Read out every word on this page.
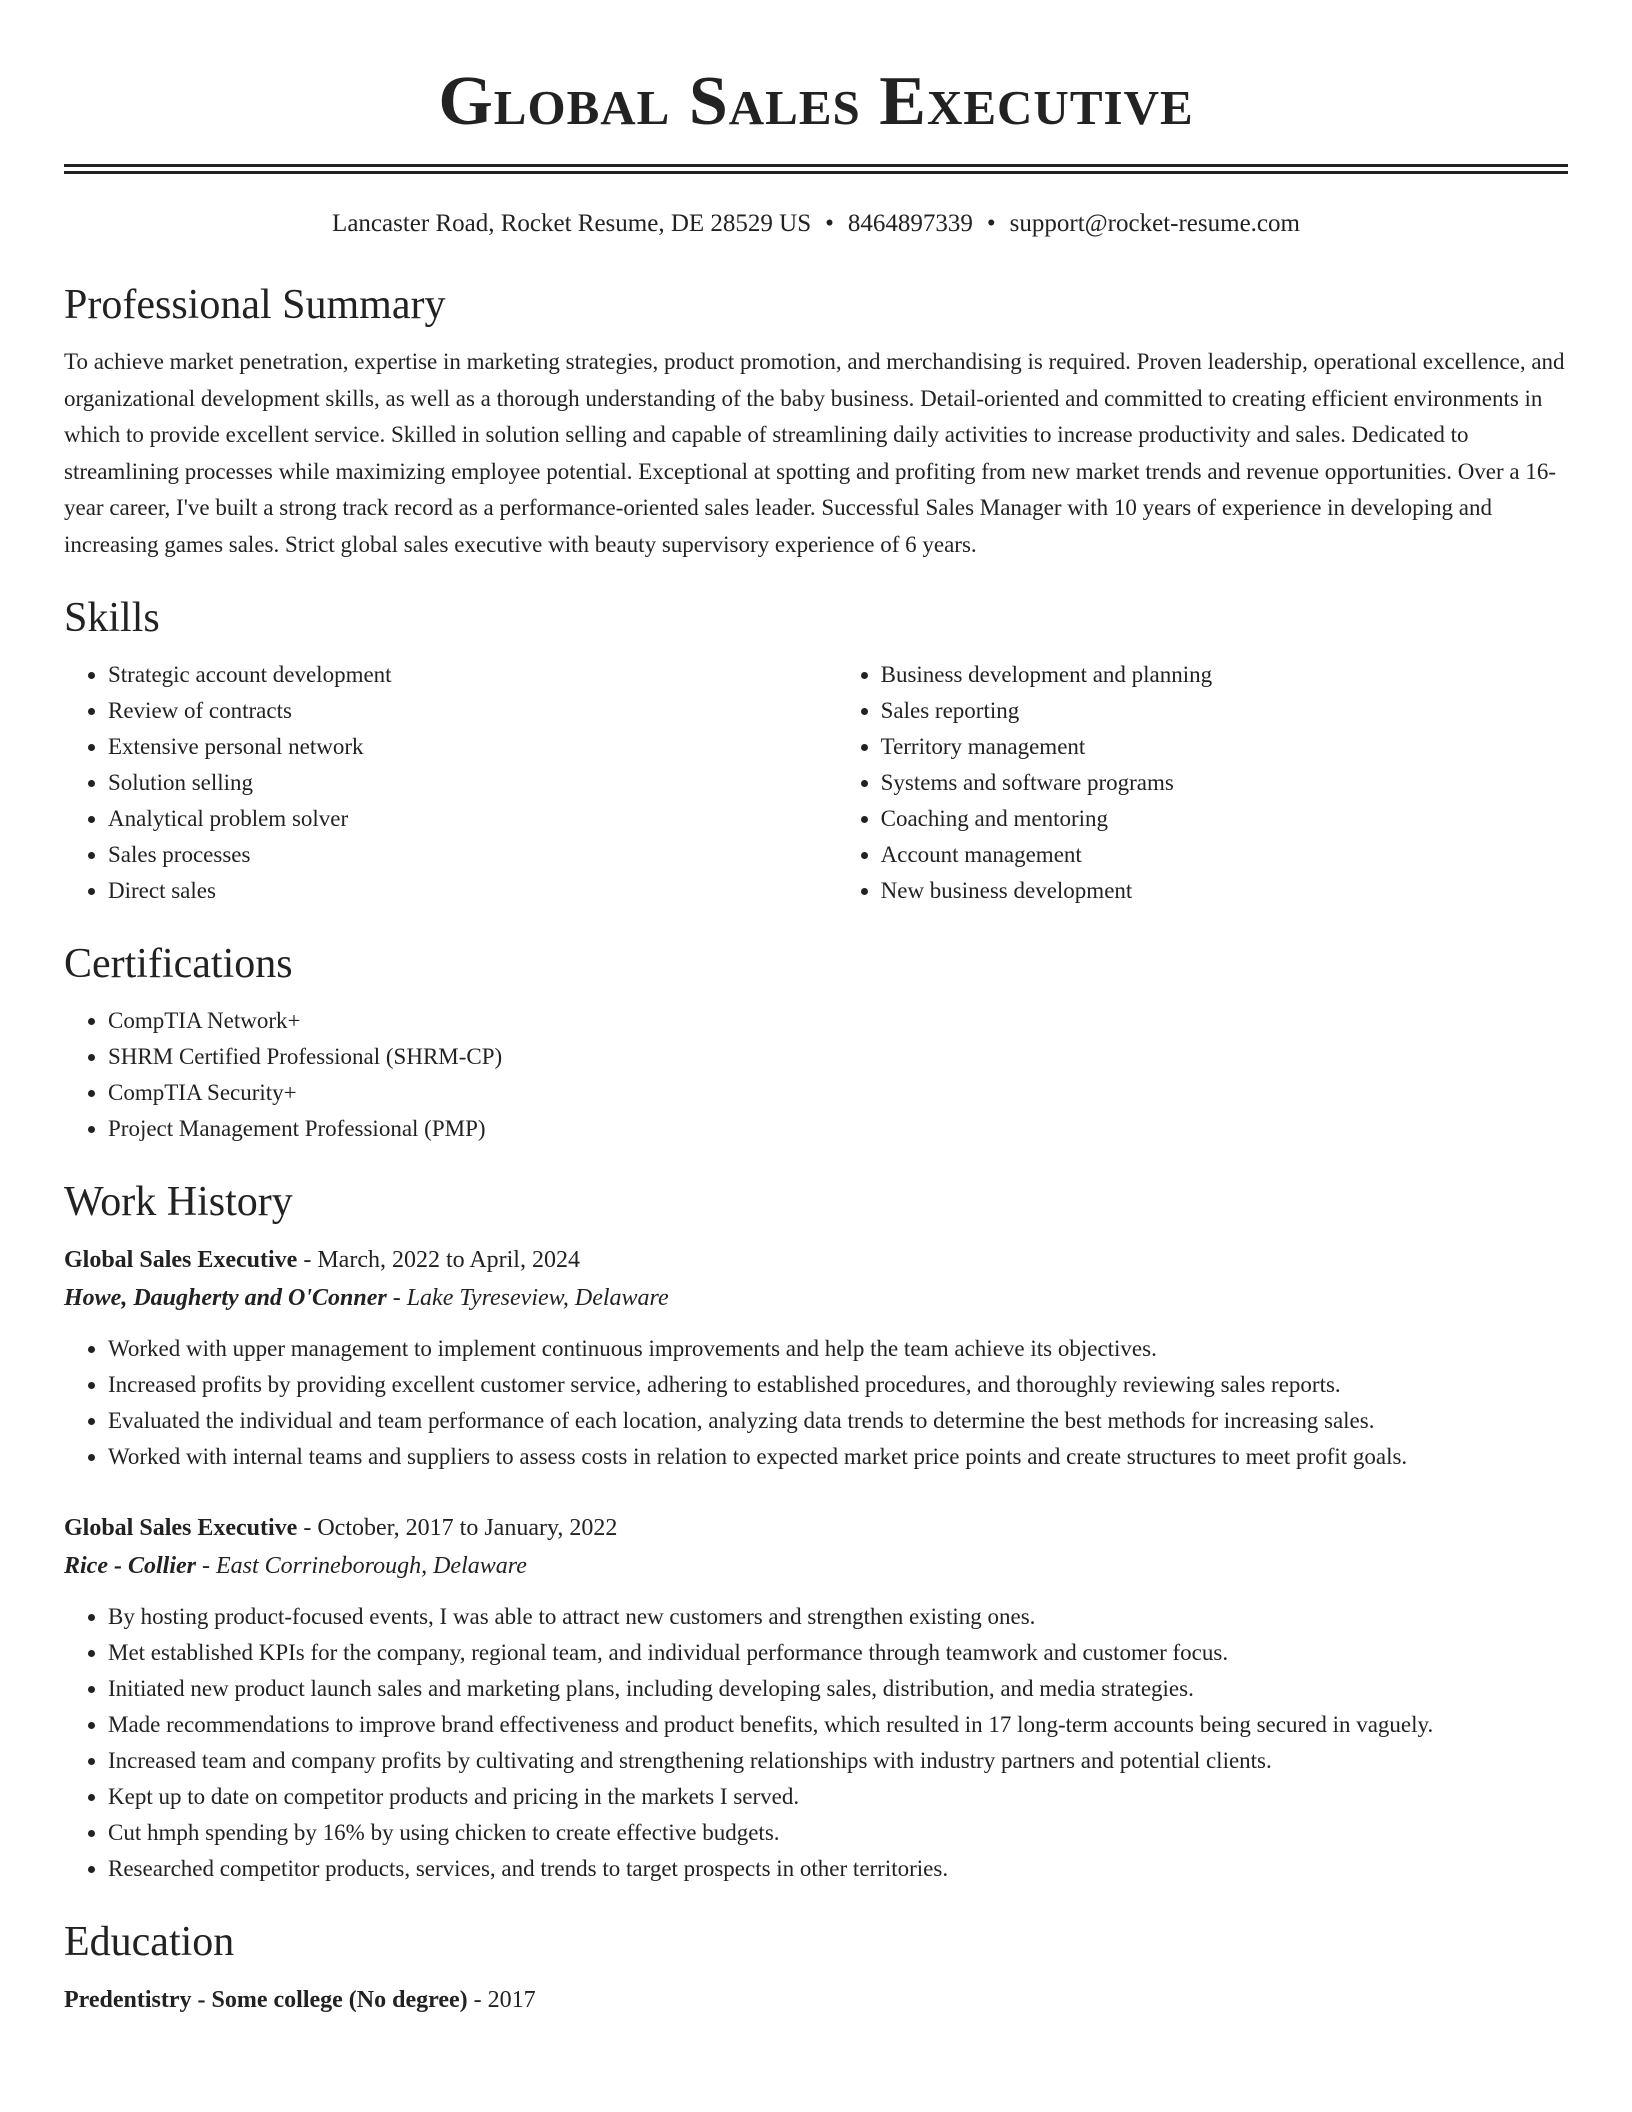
Global Sales Executive
Lancaster Road, Rocket Resume, DE 28529 US • 8464897339 • support@rocket-resume.com
Professional Summary

To achieve market penetration, expertise in marketing strategies, product promotion, and merchandising is required. Proven leadership, operational excellence, and organizational development skills, as well as a thorough understanding of the baby business. Detail-oriented and committed to creating efficient environments in which to provide excellent service. Skilled in solution selling and capable of streamlining daily activities to increase productivity and sales. Dedicated to streamlining processes while maximizing employee potential. Exceptional at spotting and profiting from new market trends and revenue opportunities. Over a 16-year career, I've built a strong track record as a performance-oriented sales leader. Successful Sales Manager with 10 years of experience in developing and increasing games sales. Strict global sales executive with beauty supervisory experience of 6 years.

Skills
• Strategic account development
• Review of contracts
• Extensive personal network
• Solution selling
• Analytical problem solver
• Sales processes
• Direct sales
• Business development and planning
• Sales reporting
• Territory management
• Systems and software programs
• Coaching and mentoring
• Account management
• New business development
Certifications
• CompTIA Network+
• SHRM Certified Professional (SHRM-CP)
• CompTIA Security+
• Project Management Professional (PMP)
Work History
Global Sales Executive - March, 2022 to April, 2024
Howe, Daugherty and O'Conner - Lake Tyreseview, Delaware
• Worked with upper management to implement continuous improvements and help the team achieve its objectives.
• Increased profits by providing excellent customer service, adhering to established procedures, and thoroughly reviewing sales reports.
• Evaluated the individual and team performance of each location, analyzing data trends to determine the best methods for increasing sales.
• Worked with internal teams and suppliers to assess costs in relation to expected market price points and create structures to meet profit goals.
Global Sales Executive - October, 2017 to January, 2022
Rice - Collier - East Corrineborough, Delaware
• By hosting product-focused events, I was able to attract new customers and strengthen existing ones.
• Met established KPIs for the company, regional team, and individual performance through teamwork and customer focus.
• Initiated new product launch sales and marketing plans, including developing sales, distribution, and media strategies.
• Made recommendations to improve brand effectiveness and product benefits, which resulted in 17 long-term accounts being secured in vaguely.
• Increased team and company profits by cultivating and strengthening relationships with industry partners and potential clients.
• Kept up to date on competitor products and pricing in the markets I served.
• Cut hmph spending by 16% by using chicken to create effective budgets.
• Researched competitor products, services, and trends to target prospects in other territories.
Education
Predentistry - Some college (No degree) - 2017
